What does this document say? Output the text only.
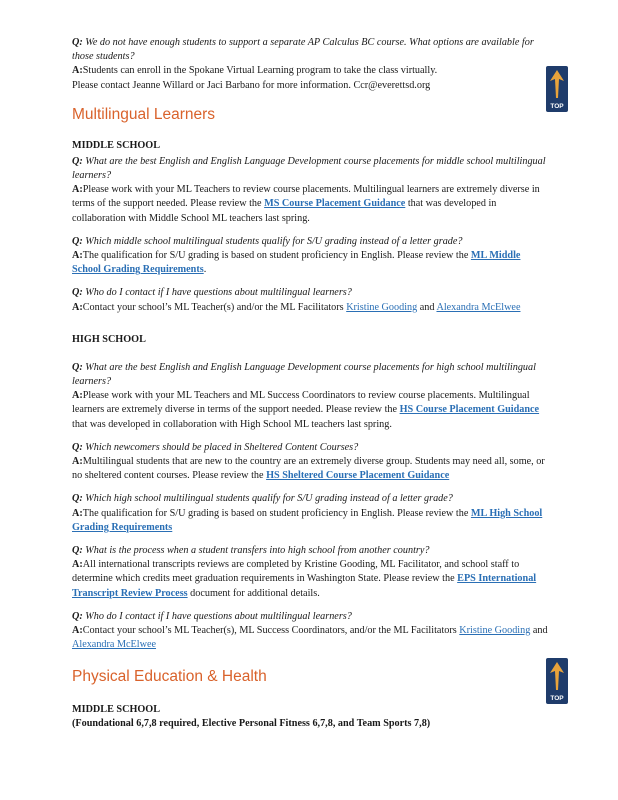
Q: We do not have enough students to support a separate AP Calculus BC course. What options are available for those students?

A:Students can enroll in the Spokane Virtual Learning program to take the class virtually.

Please contact Jeanne Willard or Jaci Barbano for more information. Ccr@everettsd.org

Multilingual Learners
MIDDLE SCHOOL

Q: What are the best English and English Language Development course placements for middle school multilingual learners?

A:Please work with your ML Teachers to review course placements. Multilingual learners are extremely diverse in terms of the support needed. Please review the MS Course Placement Guidance that was developed in collaboration with Middle School ML teachers last spring.

Q: Which middle school multilingual students qualify for S/U grading instead of a letter grade?

A:The qualification for S/U grading is based on student proficiency in English. Please review the ML Middle School Grading Requirements.

Q: Who do I contact if I have questions about multilingual learners?

A:Contact your school’s ML Teacher(s) and/or the ML Facilitators Kristine Gooding and Alexandra McElwee

HIGH SCHOOL

Q: What are the best English and English Language Development course placements for high school multilingual learners?

A:Please work with your ML Teachers and ML Success Coordinators to review course placements. Multilingual learners are extremely diverse in terms of the support needed. Please review the HS Course Placement Guidance that was developed in collaboration with High School ML teachers last spring.

Q: Which newcomers should be placed in Sheltered Content Courses?

A:Multilingual students that are new to the country are an extremely diverse group. Students may need all, some, or no sheltered content courses. Please review the HS Sheltered Course Placement Guidance

Q: Which high school multilingual students qualify for S/U grading instead of a letter grade?

A:The qualification for S/U grading is based on student proficiency in English. Please review the ML High School Grading Requirements

Q: What is the process when a student transfers into high school from another country?

A:All international transcripts reviews are completed by Kristine Gooding, ML Facilitator, and school staff to determine which credits meet graduation requirements in Washington State. Please review the EPS International Transcript Review Process document for additional details.

Q: Who do I contact if I have questions about multilingual learners?

A:Contact your school’s ML Teacher(s), ML Success Coordinators, and/or the ML Facilitators Kristine Gooding and Alexandra McElwee

Physical Education & Health
MIDDLE SCHOOL

(Foundational 6,7,8 required, Elective Personal Fitness 6,7,8, and Team Sports 7,8)

TOP
TOP
